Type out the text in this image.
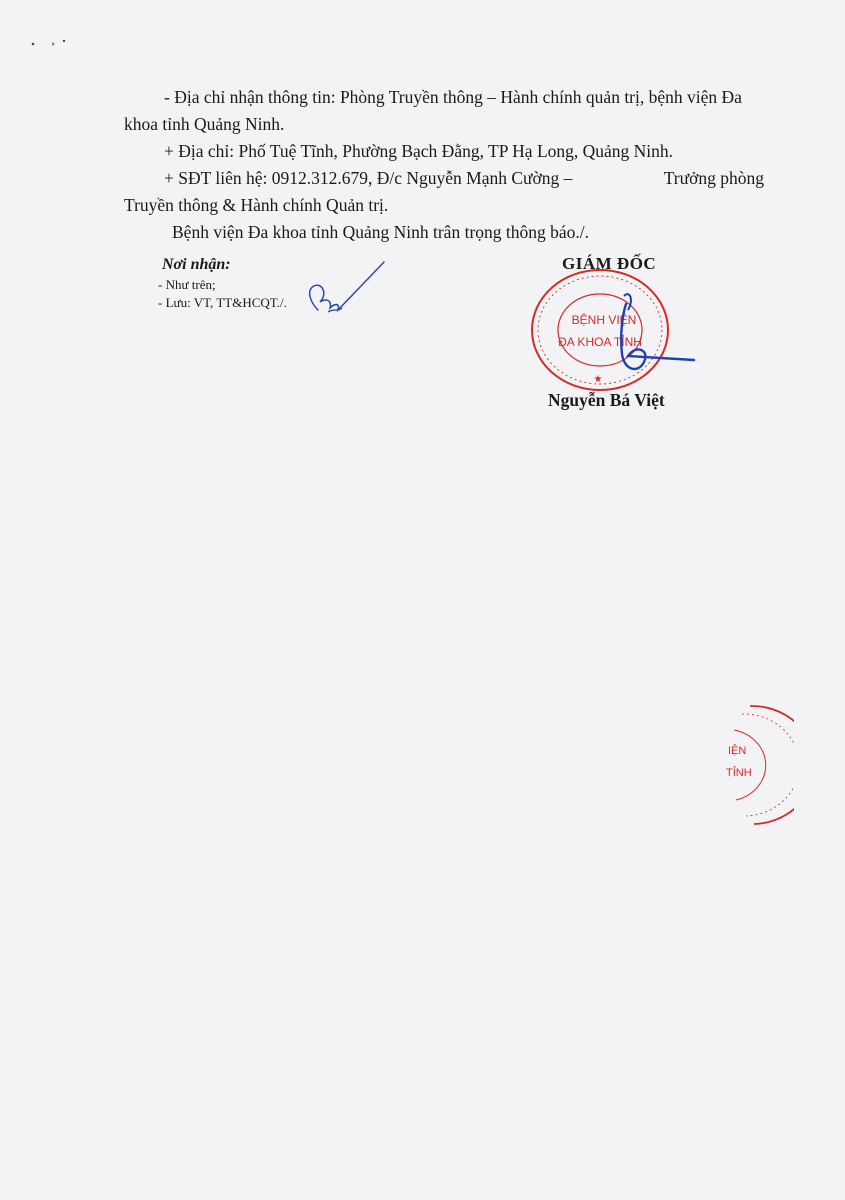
- Địa chỉ nhận thông tin: Phòng Truyền thông – Hành chính quản trị, bệnh viện Đa khoa tỉnh Quảng Ninh.

+ Địa chỉ: Phố Tuệ Tĩnh, Phường Bạch Đằng, TP Hạ Long, Quảng Ninh.

+ SĐT liên hệ: 0912.312.679, Đ/c Nguyễn Mạnh Cường –	Trưởng phòng

Truyền thông & Hành chính Quản trị.

Bệnh viện Đa khoa tỉnh Quảng Ninh trân trọng thông báo./.

Nơi nhận:

- Như trên;

- Lưu: VT, TT&HCQT./.

BỆNH VIỆN
ĐA KHOA TỈNH
★
GIÁM ĐỐC
Nguyễn Bá Việt
IỆN
TỈNH
